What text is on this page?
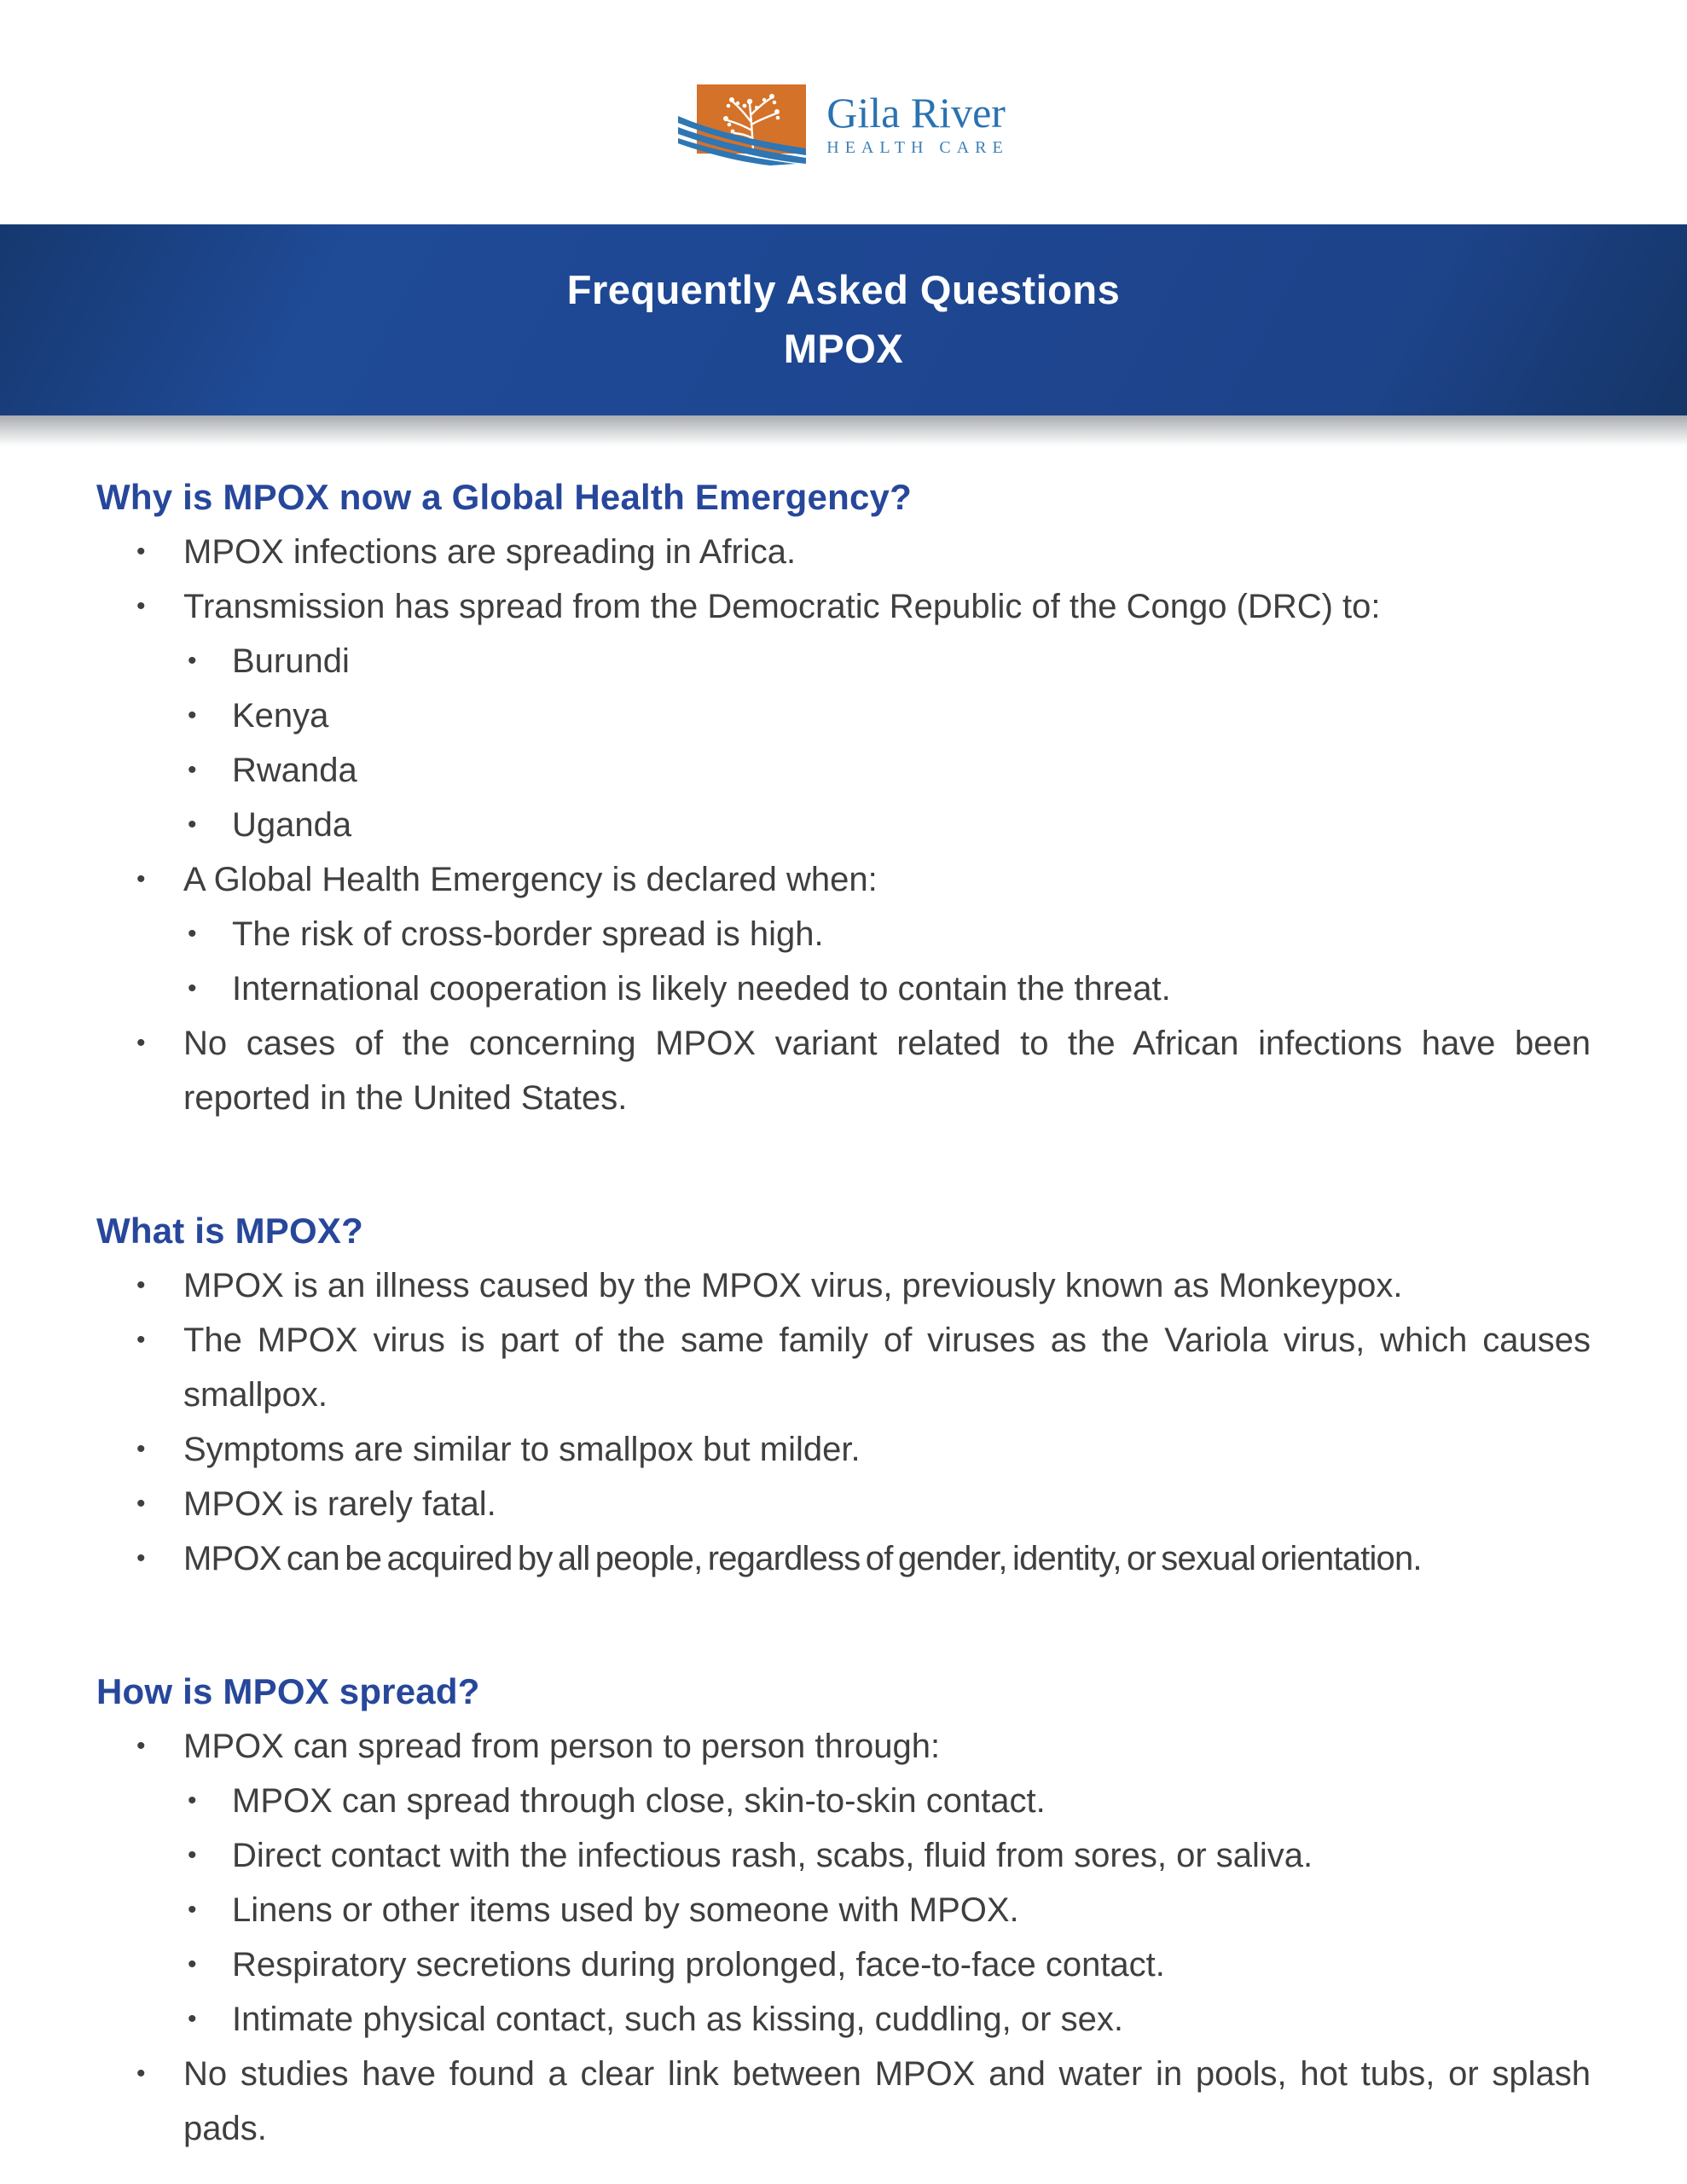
Gila River
HEALTH CARE
Frequently Asked Questions
MPOX
Why is MPOX now a Global Health Emergency?
• MPOX infections are spreading in Africa.
• Transmission has spread from the Democratic Republic of the Congo (DRC) to:
• Burundi
• Kenya
• Rwanda
• Uganda
• A Global Health Emergency is declared when:
• The risk of cross-border spread is high.
• International cooperation is likely needed to contain the threat.
• No cases of the concerning MPOX variant related to the African infections have been reported in the United States.
What is MPOX?
• MPOX is an illness caused by the MPOX virus, previously known as Monkeypox.
• The MPOX virus is part of the same family of viruses as the Variola virus, which causes smallpox.
• Symptoms are similar to smallpox but milder.
• MPOX is rarely fatal.
• MPOX can be acquired by all people, regardless of gender, identity, or sexual orientation.
How is MPOX spread?
• MPOX can spread from person to person through:
• MPOX can spread through close, skin-to-skin contact.
• Direct contact with the infectious rash, scabs, fluid from sores, or saliva.
• Linens or other items used by someone with MPOX.
• Respiratory secretions during prolonged, face-to-face contact.
• Intimate physical contact, such as kissing, cuddling, or sex.
• No studies have found a clear link between MPOX and water in pools, hot tubs, or splash pads.
